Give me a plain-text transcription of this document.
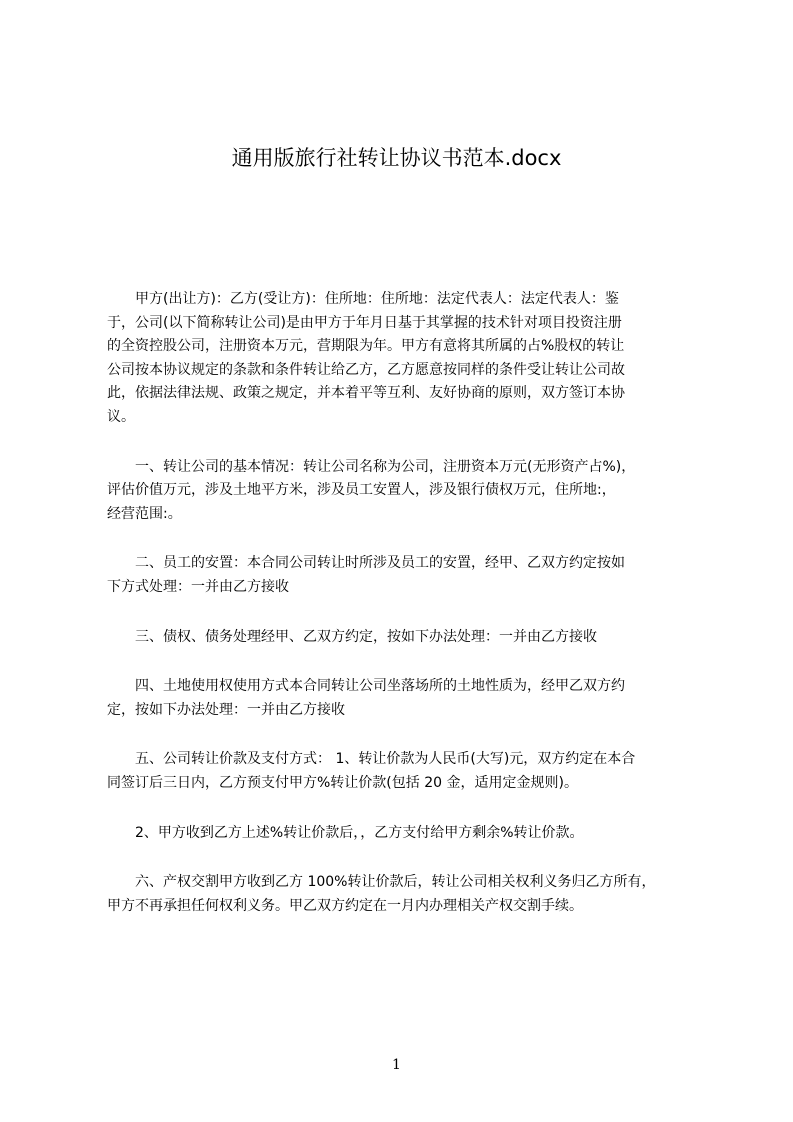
通用版旅行社转让协议书范本.docx

　　甲方(出让方)：乙方(受让方)：住所地：住所地：法定代表人：法定代表人：鉴
于，公司(以下简称转让公司)是由甲方于年月日基于其掌握的技术针对项目投资注册
的全资控股公司，注册资本万元，营期限为年。甲方有意将其所属的占%股权的转让
公司按本协议规定的条款和条件转让给乙方，乙方愿意按同样的条件受让转让公司故
此，依据法律法规、政策之规定，并本着平等互利、友好协商的原则，双方签订本协
议。

　　一、转让公司的基本情况：转让公司名称为公司，注册资本万元(无形资产占%)，
评估价值万元，涉及土地平方米，涉及员工安置人，涉及银行债权万元，住所地:，
经营范围:。

　　二、员工的安置：本合同公司转让时所涉及员工的安置，经甲、乙双方约定按如
下方式处理：一并由乙方接收

　　三、债权、债务处理经甲、乙双方约定，按如下办法处理：一并由乙方接收

　　四、土地使用权使用方式本合同转让公司坐落场所的土地性质为，经甲乙双方约
定，按如下办法处理：一并由乙方接收

　　五、公司转让价款及支付方式： 1、转让价款为人民币(大写)元，双方约定在本合
同签订后三日内，乙方预支付甲方%转让价款(包括 20 金，适用定金规则)。

　　2、甲方收到乙方上述%转让价款后，，乙方支付给甲方剩余%转让价款。

　　六、产权交割甲方收到乙方 100%转让价款后，转让公司相关权利义务归乙方所有，
甲方不再承担任何权利义务。甲乙双方约定在一月内办理相关产权交割手续。

1
